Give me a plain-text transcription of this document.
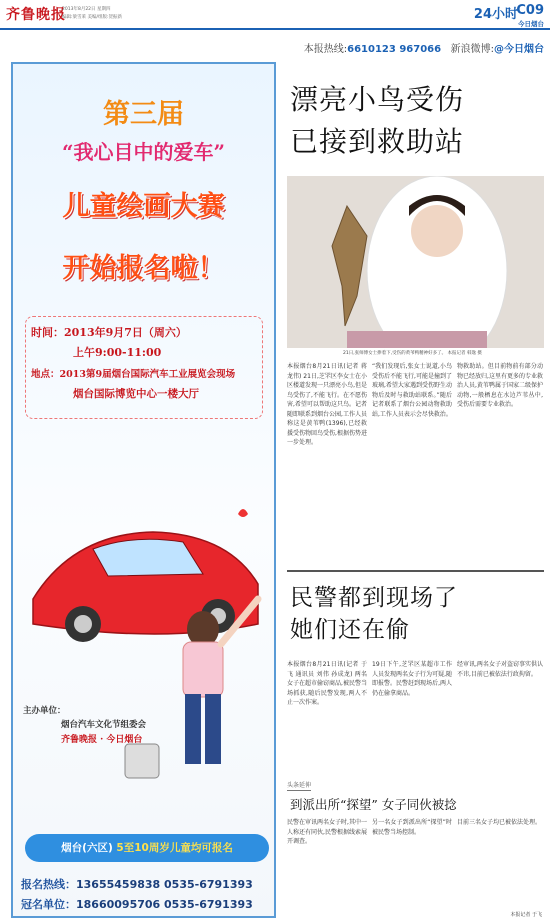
齐鲁晚报
2013年8月22日 星期四
编辑:梁雪莱 美编/组版:贺振新	24小时
C09
今日烟台
本报热线:6610123 967066 新浪微博:@今日烟台
第三届
“我心目中的爱车”
儿童绘画大赛
开始报名啦！
时间：2013年9月7日（周六）
上午9:00-11:00
地点：2013第9届烟台国际汽车工业展览会现场
烟台国际博览中心一楼大厅
主办单位：
烟台汽车文化节组委会
齐鲁晚报 · 今日烟台
烟台(六区) 5至10周岁儿童均可报名
报名热线：13655459838 0535-6791393
冠名单位：18660095706 0535-6791393
漂亮小鸟受伤
已接到救助站
21日,张师傅女士捧着下,受伤的黄苇鸭精神好多了。 本报记者 韩逸 摄
本报烟台8月21日讯(记者 蒋龙伟) 21日,芝罘区李女士在小区楼道发现一只漂亮小鸟,但是鸟受伤了,不能飞行。在不愿伤害,希望可以帮助这只鸟。记者随即联系到烟台公园,工作人员称这是黄苇鸭(1396),已经救援受伤物回鸟受伤,根据伤势进一步处理。
“我们发现后,张女士说道,小鸟受伤后不能飞行,可能是撞到了玻璃,希望大家遇到受伤野生动物后及时与救助站联系。”随后记者联系了烟台公园动物救助站,工作人员表示会尽快救治。
物救助站。但目前物前有部分动物已经放归,这里有更多的专业救治人员,黄苇鸭属于国家二级保护动物,一般栖息在水边芦苇丛中,受伤后需要专业救治。
民警都到现场了
她们还在偷
本报烟台8月21日讯(记者 于飞 通讯员 刘伟 孙成龙) 两名女子在超市偷窃商品,被民警当场抓获,随后民警发现,两人不止一次作案。
19日下午,芝罘区某超市工作人员发现两名女子行为可疑,随即报警。民警赶到现场后,两人仍在偷拿商品。
经审讯,两名女子对盗窃事实供认不讳,目前已被依法行政拘留。
头条延伸
到派出所“探望” 女子同伙被捻
民警在审讯两名女子时,其中一人称还有同伙,民警根据线索展开调查。
另一名女子到派出所“探望”时被民警当场控制。
目前三名女子均已被依法处理。
本报记者 于飞
